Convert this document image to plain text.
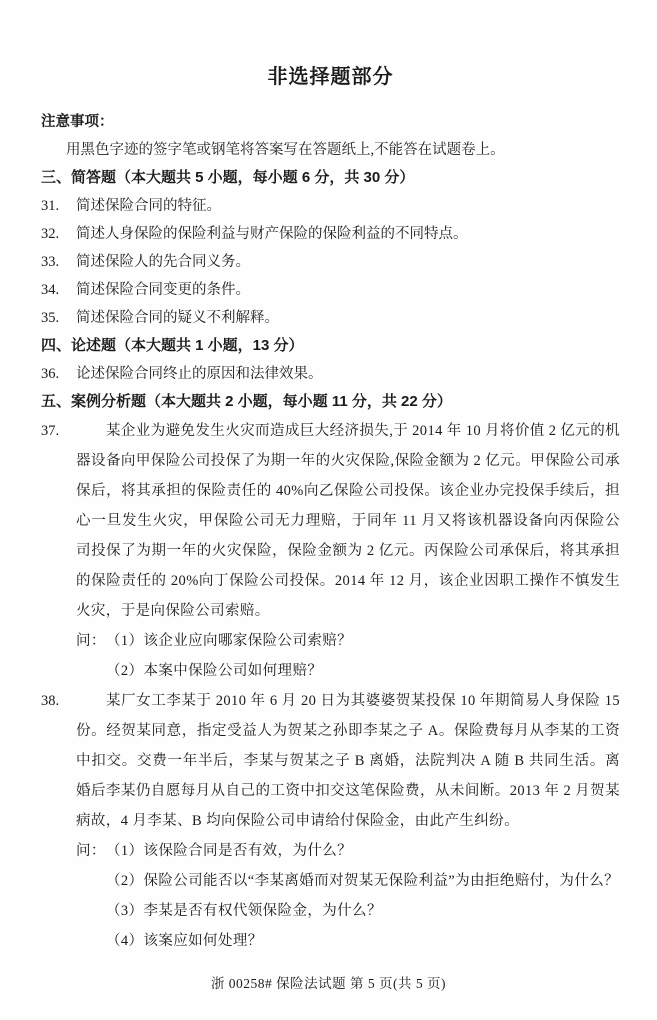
非选择题部分
注意事项：
用黑色字迹的签字笔或钢笔将答案写在答题纸上,不能答在试题卷上。
三、简答题（本大题共 5 小题，每小题 6 分，共 30 分）
31. 简述保险合同的特征。
32. 简述人身保险的保险利益与财产保险的保险利益的不同特点。
33. 简述保险人的先合同义务。
34. 简述保险合同变更的条件。
35. 简述保险合同的疑义不利解释。
四、论述题（本大题共 1 小题，13 分）
36. 论述保险合同终止的原因和法律效果。
五、案例分析题（本大题共 2 小题，每小题 11 分，共 22 分）
37.	某企业为避免发生火灾而造成巨大经济损失,于 2014 年 10 月将价值 2 亿元的机器设备向甲保险公司投保了为期一年的火灾保险,保险金额为 2 亿元。甲保险公司承保后，将其承担的保险责任的 40%向乙保险公司投保。该企业办完投保手续后，担心一旦发生火灾，甲保险公司无力理赔，于同年 11 月又将该机器设备向丙保险公司投保了为期一年的火灾保险，保险金额为 2 亿元。丙保险公司承保后，将其承担的保险责任的 20%向丁保险公司投保。2014 年 12 月，该企业因职工操作不慎发生火灾，于是向保险公司索赔。
问： （1）该企业应向哪家保险公司索赔？
（2）本案中保险公司如何理赔？
38.	某厂女工李某于 2010 年 6 月 20 日为其婆婆贺某投保 10 年期简易人身保险 15 份。经贺某同意，指定受益人为贺某之孙即李某之子 A。保险费每月从李某的工资中扣交。交费一年半后，李某与贺某之子 B 离婚，法院判决 A 随 B 共同生活。离婚后李某仍自愿每月从自己的工资中扣交这笔保险费，从未间断。2013 年 2 月贺某病故，4 月李某、B 均向保险公司申请给付保险金，由此产生纠纷。
问： （1）该保险合同是否有效，为什么？
（2）保险公司能否以“李某离婚而对贺某无保险利益”为由拒绝赔付，为什么？
（3）李某是否有权代领保险金，为什么？
（4）该案应如何处理？
浙 00258# 保险法试题 第 5 页(共 5 页)
